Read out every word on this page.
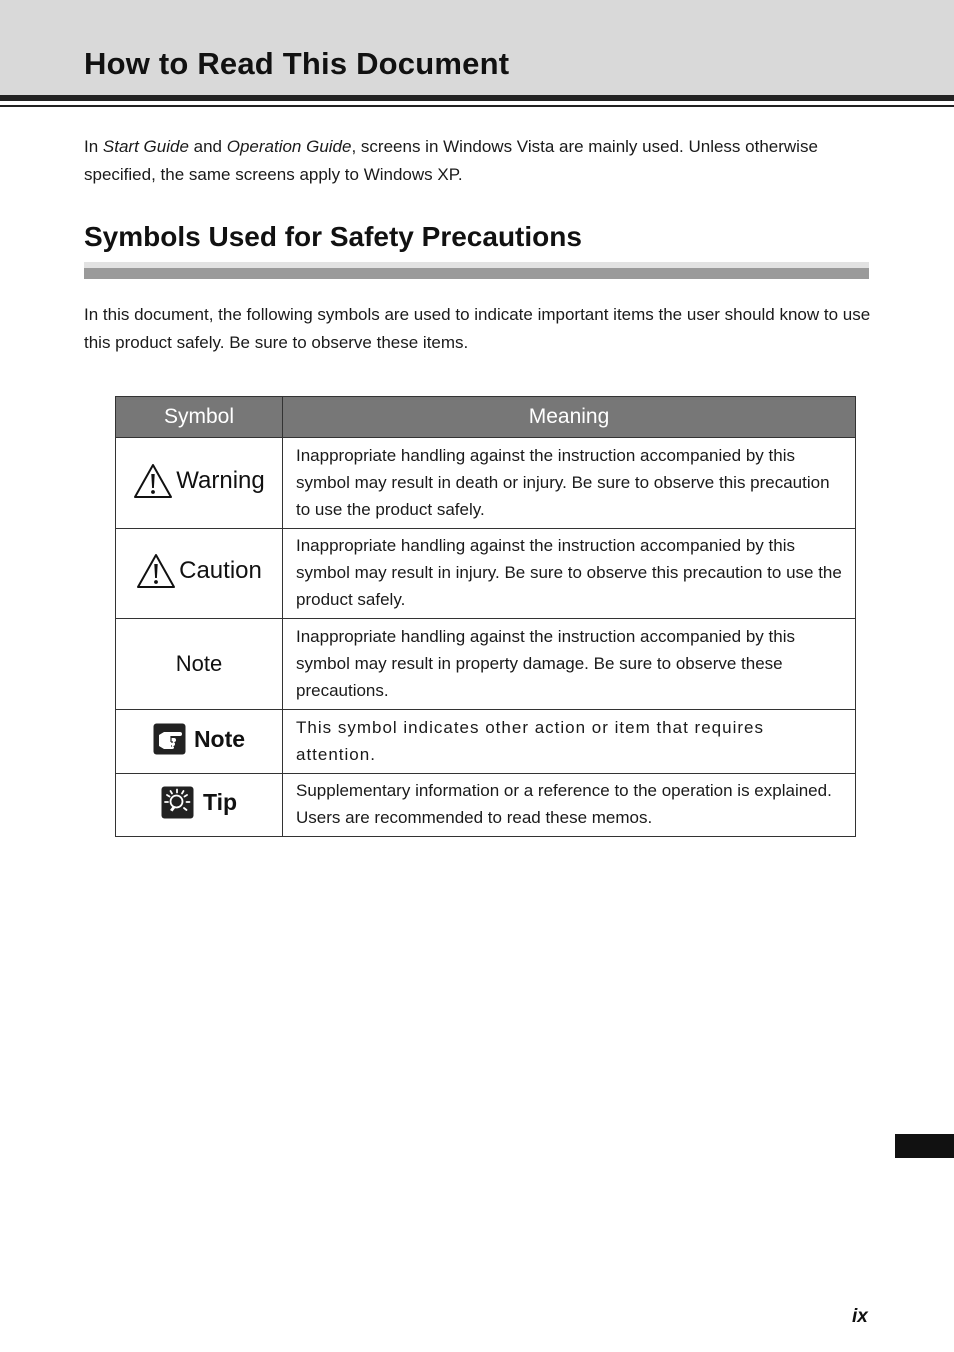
How to Read This Document

In Start Guide and Operation Guide, screens in Windows Vista are mainly used. Unless otherwise specified, the same screens apply to Windows XP.

Symbols Used for Safety Precautions

In this document, the following symbols are used to indicate important items the user should know to use this product safely. Be sure to observe these items.

Symbol	Meaning

Warning	Inappropriate handling against the instruction accompanied by this symbol may result in death or injury. Be sure to observe this precaution to use the product safely.

Caution	Inappropriate handling against the instruction accompanied by this symbol may result in injury. Be sure to observe this precaution to use the product safely.
Note	Inappropriate handling against the instruction accompanied by this symbol may result in property damage. Be sure to observe these precautions.

Note	This symbol indicates other action or item that requires attention.

Tip	Supplementary information or a reference to the operation is explained. Users are recommended to read these memos.
ix
